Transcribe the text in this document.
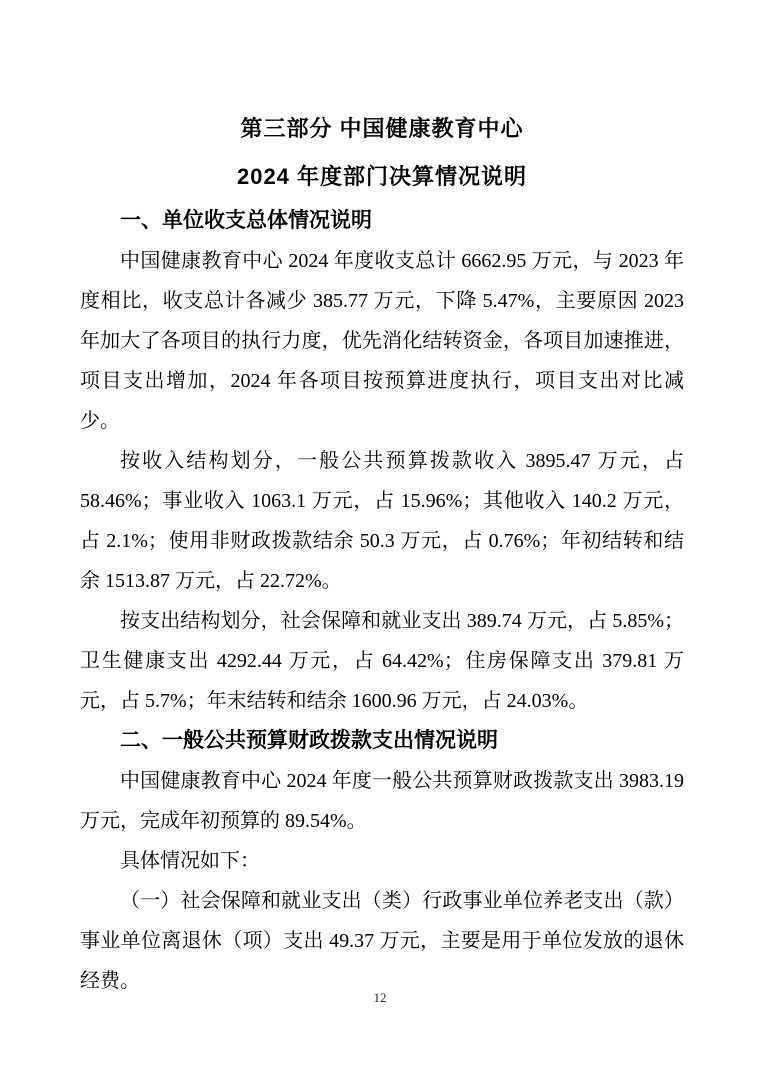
第三部分 中国健康教育中心
2024 年度部门决算情况说明
一、单位收支总体情况说明

中国健康教育中心 2024 年度收支总计 6662.95 万元，与 2023 年度相比，收支总计各减少 385.77 万元，下降 5.47%，主要原因 2023 年加大了各项目的执行力度，优先消化结转资金，各项目加速推进，项目支出增加，2024 年各项目按预算进度执行，项目支出对比减少。

按收入结构划分，一般公共预算拨款收入 3895.47 万元，占 58.46%；事业收入 1063.1 万元，占 15.96%；其他收入 140.2 万元，占 2.1%；使用非财政拨款结余 50.3 万元，占 0.76%；年初结转和结余 1513.87 万元，占 22.72%。

按支出结构划分，社会保障和就业支出 389.74 万元，占 5.85%；卫生健康支出 4292.44 万元，占 64.42%；住房保障支出 379.81 万元，占 5.7%；年末结转和结余 1600.96 万元，占 24.03%。

二、一般公共预算财政拨款支出情况说明

中国健康教育中心 2024 年度一般公共预算财政拨款支出 3983.19 万元，完成年初预算的 89.54%。

具体情况如下：

（一）社会保障和就业支出（类）行政事业单位养老支出（款）事业单位离退休（项）支出 49.37 万元，主要是用于单位发放的退休经费。

12
